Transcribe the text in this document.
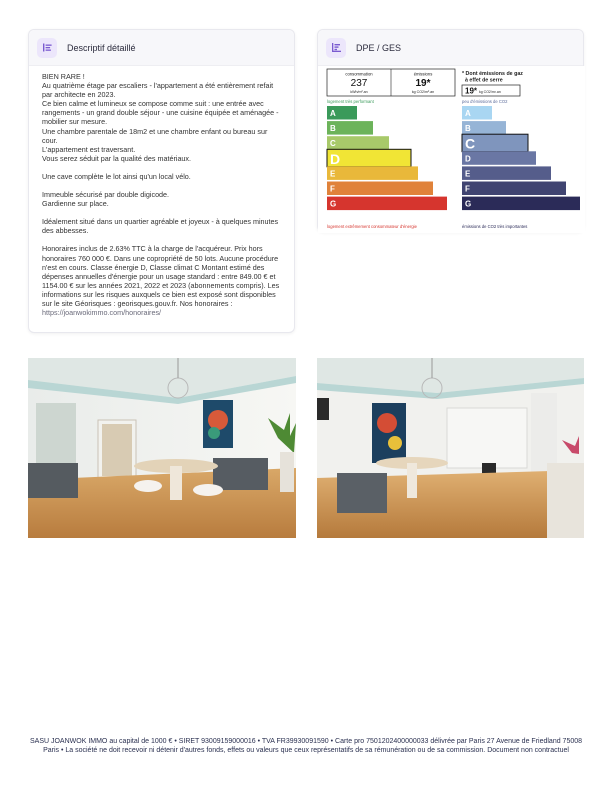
Descriptif détaillé

BIEN RARE !
Au quatrième étage par escaliers - l'appartement a été entièrement refait par architecte en 2023.
Ce bien calme et lumineux se compose comme suit : une entrée avec rangements - un grand double séjour - une cuisine équipée et aménagée - mobilier sur mesure.
Une chambre parentale de 18m2 et une chambre enfant ou bureau sur cour.
L'appartement est traversant.
Vous serez séduit par la qualité des matériaux.

Une cave complète le lot ainsi qu'un local vélo.

Immeuble sécurisé par double digicode.
Gardienne sur place.

Idéalement situé dans un quartier agréable et joyeux - à quelques minutes des abbesses.

Honoraires inclus de 2.63% TTC à la charge de l'acquéreur. Prix hors honoraires 760 000 €. Dans une copropriété de 50 lots. Aucune procédure n'est en cours. Classe énergie D, Classe climat C Montant estimé des dépenses annuelles d'énergie pour un usage standard : entre 849.00 € et 1154.00 € sur les années 2021, 2022 et 2023 (abonnements compris). Les informations sur les risques auxquels ce bien est exposé sont disponibles sur le site Géorisques : georisques.gouv.fr. Nos honoraires :

https://joanwokimmo.com/honoraires/

DPE / GES
consommation
237
kWh/m².an
émissions
19*
kg CO2/m².an
logement très performant
logement extrêmement consommateur d'énergie
A
B
C
D
E
F
G
* Dont émissions de gaz à effet de serre
19* kg CO2/m².an
peu d'émissions de CO2
émissions de CO2 très importantes
A
B
C
D
E
F
G
SASU JOANWOK IMMO au capital de 1000 € • SIRET 93009159000016 • TVA FR39930091590 • Carte pro 7501202400000033 délivrée par Paris 27 Avenue de Friedland 75008 Paris • La société ne doit recevoir ni détenir d'autres fonds, effets ou valeurs que ceux représentatifs de sa rémunération ou de sa commission. Document non contractuel
